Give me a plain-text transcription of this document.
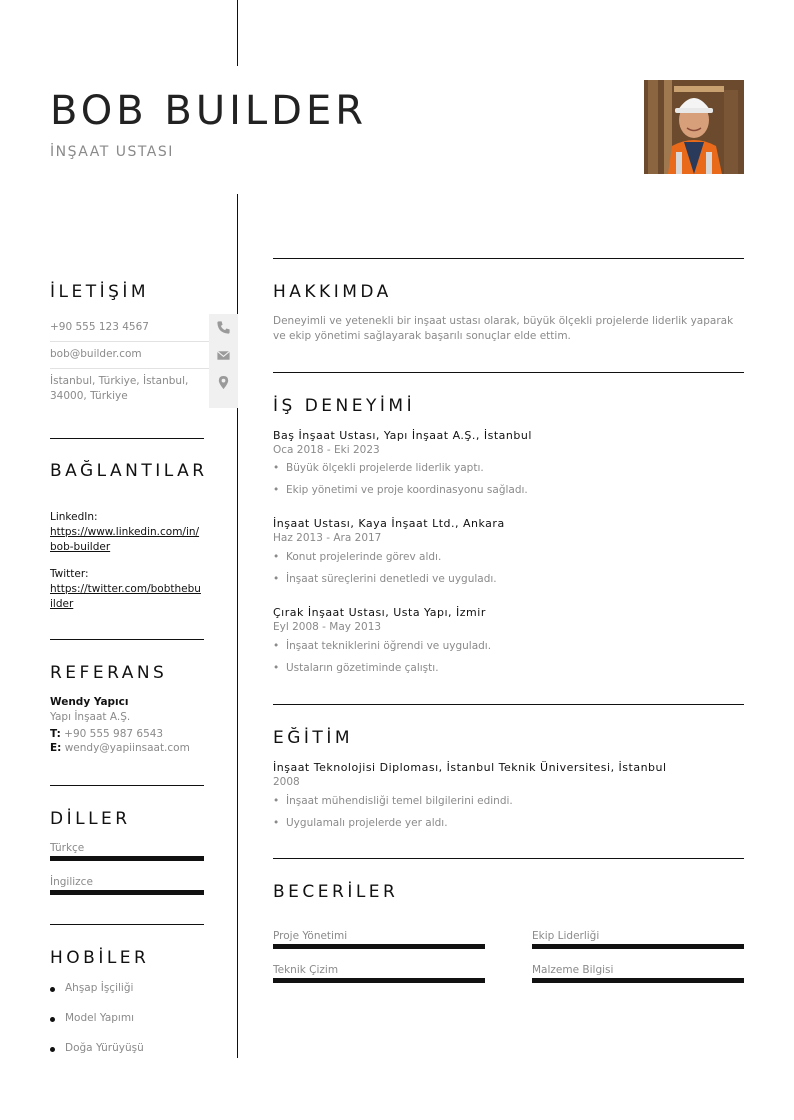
BOB BUILDER
İNŞAAT USTASI
İLETİŞİM
+90 555 123 4567
bob@builder.com
İstanbul, Türkiye, İstanbul, 34000, Türkiye
BAĞLANTILAR
LinkedIn:
https://www.linkedin.com/in/bob-builder
Twitter:
https://twitter.com/bobthebuilder
REFERANS
Wendy Yapıcı
Yapı İnşaat A.Ş.
T: +90 555 987 6543
E: wendy@yapiinsaat.com
DİLLER
Türkçe
İngilizce
HOBİLER
Ahşap İşçiliği
Model Yapımı
Doğa Yürüyüşü
HAKKIMDA

Deneyimli ve yetenekli bir inşaat ustası olarak, büyük ölçekli projelerde liderlik yaparak ve ekip yönetimi sağlayarak başarılı sonuçlar elde ettim.

İŞ DENEYİMİ
Baş İnşaat Ustası, Yapı İnşaat A.Ş., İstanbul
Oca 2018 - Eki 2023
• Büyük ölçekli projelerde liderlik yaptı.
• Ekip yönetimi ve proje koordinasyonu sağladı.
İnşaat Ustası, Kaya İnşaat Ltd., Ankara
Haz 2013 - Ara 2017
• Konut projelerinde görev aldı.
• İnşaat süreçlerini denetledi ve uyguladı.
Çırak İnşaat Ustası, Usta Yapı, İzmir
Eyl 2008 - May 2013
• İnşaat tekniklerini öğrendi ve uyguladı.
• Ustaların gözetiminde çalıştı.
EĞİTİM
İnşaat Teknolojisi Diploması, İstanbul Teknik Üniversitesi, İstanbul
2008
• İnşaat mühendisliği temel bilgilerini edindi.
• Uygulamalı projelerde yer aldı.
BECERİLER
Proje Yönetimi	Ekip Liderliği
Teknik Çizim	Malzeme Bilgisi
